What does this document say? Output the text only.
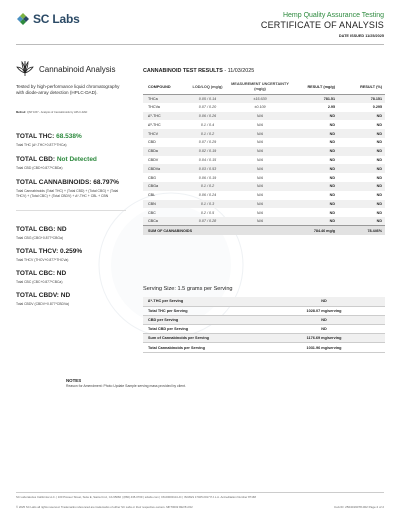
SC Labs	Hemp Quality Assurance Testing
CERTIFICATE OF ANALYSIS
DATE ISSUED 11/25/2025
Cannabinoid Analysis
Tested by high-performance liquid chromatography with diode-array detection (HPLC-DAD).
Method: QSP 1157 - Analysis of Cannabinoids by HPLC-DAD
TOTAL THC: 68.538%
Total THC (∆⁹-THC+0.877*THCa)
TOTAL CBD: Not Detected
Total CBD (CBD+0.877*CBDa)
TOTAL CANNABINOIDS: 68.797%
Total Cannabinoids (Total THC) + (Total CBD) + (Total CBG) + (Total THCV) + (Total CBC) + (Total CBDV) + ∆⁸-THC + CBL + CBN
TOTAL CBG: ND
Total CBG (CBG+0.877*CBGa)
TOTAL THCV: 0.259%
Total THCV (THCV+0.877*THCVa)
TOTAL CBC: ND
Total CBC (CBC+0.877*CBCa)
TOTAL CBDV: ND
Total CBDV (CBDV+0.877*CBDVa)
CANNABINOID TEST RESULTS - 11/03/2025
COMPOUND	LOD/LOQ (mg/g)	MEASUREMENT UNCERTAINTY (mg/g)	RESULT (mg/g)	RESULT (%)
THCa	0.05 / 0.14	±15.630	781.51	78.151
THCVa	0.07 / 0.20	±0.109	2.95	0.295
∆⁹-THC	0.06 / 0.26	N/A	ND	ND
∆⁸-THC	0.1 / 0.4	N/A	ND	ND
THCV	0.1 / 0.2	N/A	ND	ND
CBD	0.07 / 0.29	N/A	ND	ND
CBDa	0.02 / 0.19	N/A	ND	ND
CBDV	0.04 / 0.15	N/A	ND	ND
CBDVa	0.03 / 0.53	N/A	ND	ND
CBG	0.06 / 0.19	N/A	ND	ND
CBGa	0.1 / 0.2	N/A	ND	ND
CBL	0.06 / 0.24	N/A	ND	ND
CBN	0.1 / 0.3	N/A	ND	ND
CBC	0.2 / 0.5	N/A	ND	ND
CBCa	0.07 / 0.28	N/A	ND	ND
SUM OF CANNABINOIDS			784.46 mg/g	78.446%
Serving Size: 1.5 grams per Serving
∆⁹-THC per Serving	ND
Total THC per Serving	1028.07 mg/serving
CBD per Serving	ND
Total CBD per Serving	ND
Sum of Cannabinoids per Serving	1176.69 mg/serving
Total Cannabinoids per Serving	1031.96 mg/serving
NOTES
Reason for Amendment: Photo Update Sample serving mass provided by client.
SC Laboratories California LLC. | 100 Pioneer Street, Suite E, Santa Cruz, CA 95060 | (866) 435-0709 | sclabs.com | C8-0000013-LIC | ISO/IES 17025:2017 P.J.L.A. Accreditation Number 87168
© 2025 SC Labs all rights reserved. Trademarks referenced are trademarks of either SC Labs or their respective owners. MKT0002 REV8 2/22	CoA ID: 2504019078-002 Page 2 of 2
